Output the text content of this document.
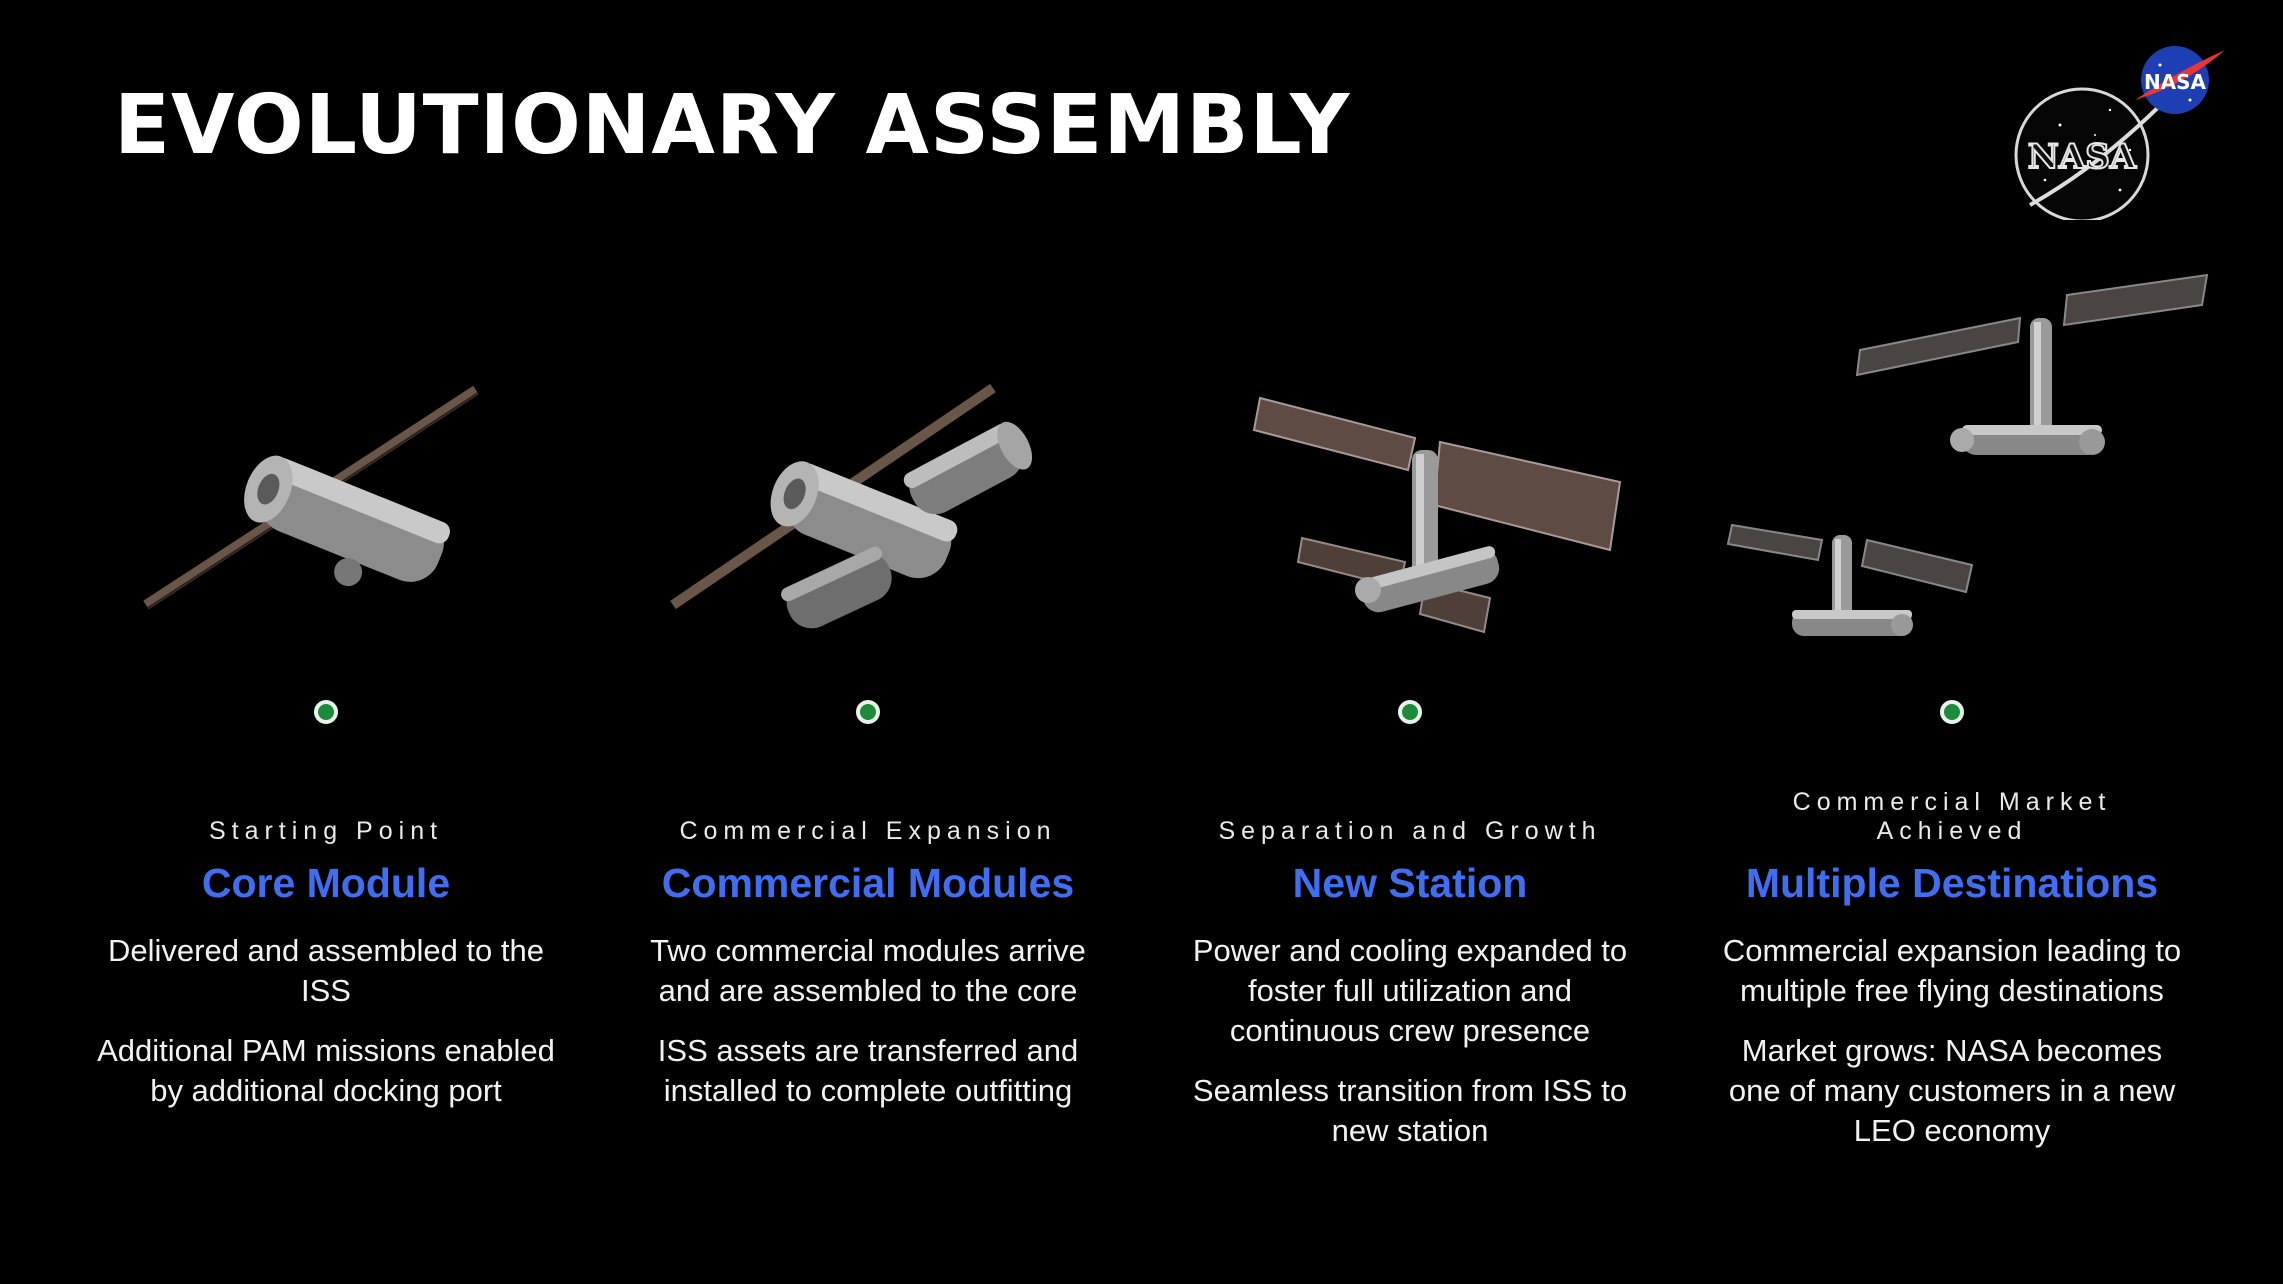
EVOLUTIONARY ASSEMBLY	NASA
NASA
Starting Point
Core Module
Delivered and assembled to the ISS
Additional PAM missions enabled by additional docking port
Commercial Expansion
Commercial Modules
Two commercial modules arrive and are assembled to the core
ISS assets are transferred and installed to complete outfitting
Separation and Growth
New Station
Power and cooling expanded to foster full utilization and continuous crew presence
Seamless transition from ISS to new station
Commercial Market
Achieved
Multiple Destinations
Commercial expansion leading to multiple free flying destinations
Market grows: NASA becomes one of many customers in a new LEO economy
